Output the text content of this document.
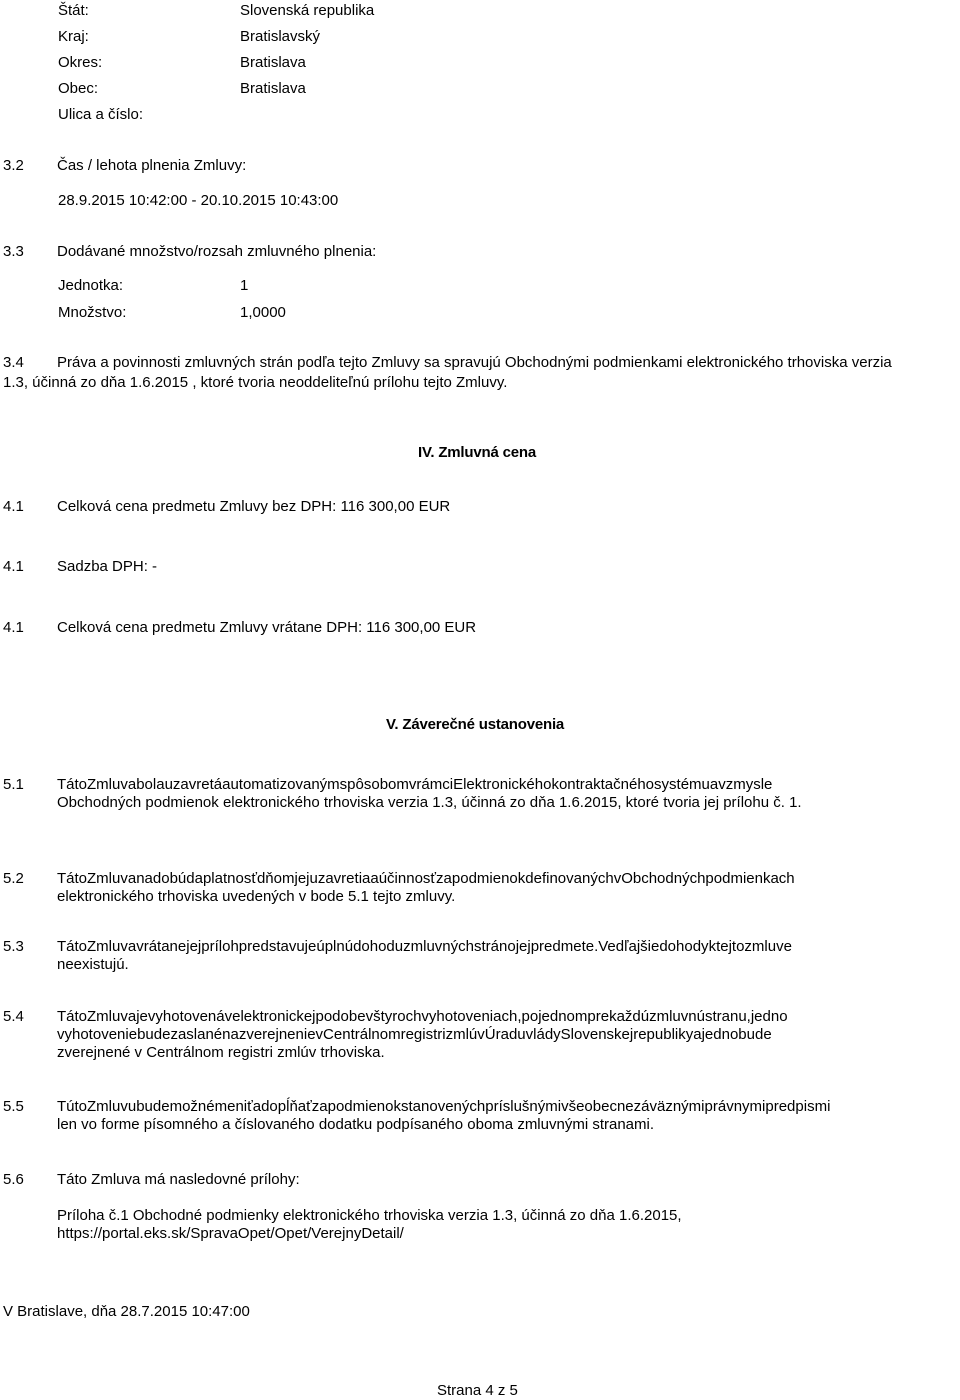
Štát:	Slovenská republika
Kraj:	Bratislavský
Okres:	Bratislava
Obec:	Bratislava
Ulica a číslo:
3.2 Čas / lehota plnenia Zmluvy:
28.9.2015 10:42:00 - 20.10.2015 10:43:00
3.3 Dodávané množstvo/rozsah zmluvného plnenia:
Jednotka:	1
Množstvo:	1,0000
3.4 Práva a povinnosti zmluvných strán podľa tejto Zmluvy sa spravujú Obchodnými podmienkami elektronického trhoviska verzia
1.3, účinná zo dňa 1.6.2015 , ktoré tvoria neoddeliteľnú prílohu tejto Zmluvy.
IV. Zmluvná cena
4.1 Celková cena predmetu Zmluvy bez DPH: 116 300,00 EUR
4.1 Sadzba DPH: -
4.1 Celková cena predmetu Zmluvy vrátane DPH: 116 300,00 EUR
V. Záverečné ustanovenia
5.1 TátoZmluvabolauzavretáautomatizovanýmspôsobomvrámciElektronickéhokontraktačnéhosystémuavzmysle
Obchodných podmienok elektronického trhoviska verzia 1.3, účinná zo dňa 1.6.2015, ktoré tvoria jej prílohu č. 1.
5.2 TátoZmluvanadobúdaplatnosťdňomjejuzavretiaaúčinnosťzapodmienokdefinovanýchvObchodnýchpodmienkach
elektronického trhoviska uvedených v bode 5.1 tejto zmluvy.
5.3 TátoZmluvavrátanejejprílohpredstavujeúplnúdohoduzmluvnýchstránojejpredmete.Vedľajšiedohodyktejtozmluve
neexistujú.
5.4 TátoZmluvajevyhotovenávelektronickejpodobevštyrochvyhotoveniach,pojednomprekaždúzmluvnústranu,jedno
vyhotoveniebudezaslanénazverejnenievCentrálnomregistrizmlúvÚraduvládySlovenskejrepublikyajednobude
zverejnené v Centrálnom registri zmlúv trhoviska.
5.5 TútoZmluvubudemožnémeniťadopĺňaťzapodmienokstanovenýchpríslušnýmivšeobecnezáväznýmiprávnymipredpismi
len vo forme písomného a číslovaného dodatku podpísaného oboma zmluvnými stranami.
5.6 Táto Zmluva má nasledovné prílohy:
Príloha č.1 Obchodné podmienky elektronického trhoviska verzia 1.3, účinná zo dňa 1.6.2015,
https://portal.eks.sk/SpravaOpet/Opet/VerejnyDetail/
V Bratislave, dňa 28.7.2015 10:47:00
Strana 4 z 5
